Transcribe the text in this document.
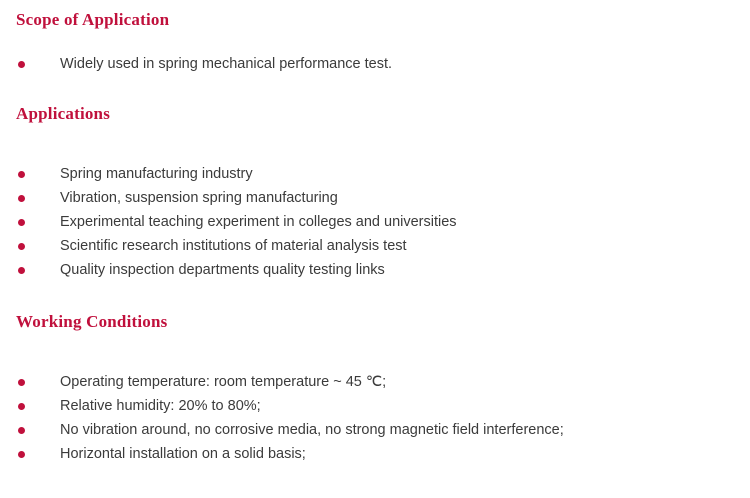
Scope of Application
Widely used in spring mechanical performance test.
Applications
Spring manufacturing industry
Vibration, suspension spring manufacturing
Experimental teaching experiment in colleges and universities
Scientific research institutions of material analysis test
Quality inspection departments quality testing links
Working Conditions
Operating temperature: room temperature ~ 45 ℃;
Relative humidity: 20% to 80%;
No vibration around, no corrosive media, no strong magnetic field interference;
Horizontal installation on a solid basis;
